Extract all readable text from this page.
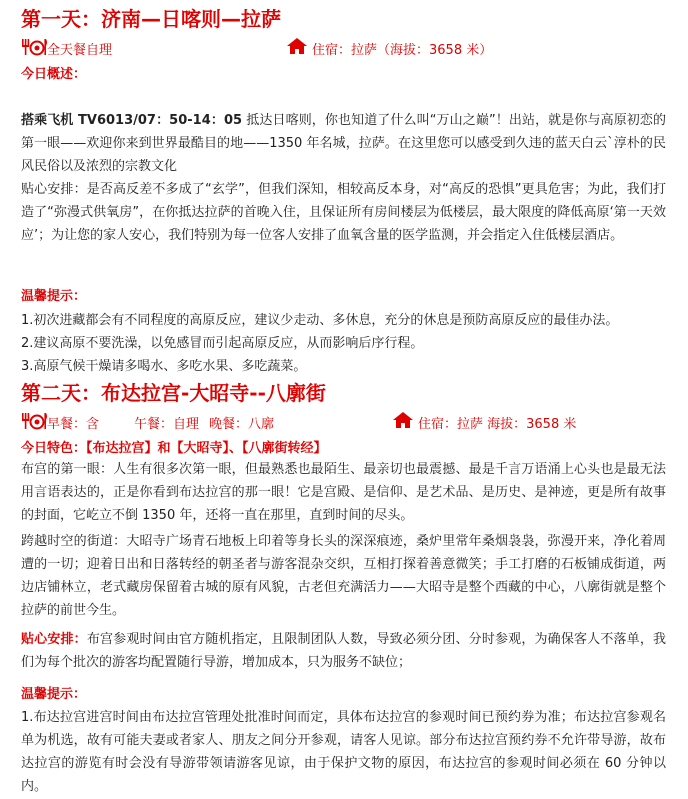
第一天：济南—日喀则—拉萨
全天餐自理	住宿：拉萨（海拔：3658 米）
今日概述：

搭乘飞机 TV6013/07：50-14：05 抵达日喀则，你也知道了什么叫“万山之巅”！出站，就是你与高原初恋的第一眼——欢迎你来到世界最酷目的地——1350 年名城，拉萨。在这里您可以感受到久违的蓝天白云`淳朴的民风民俗以及浓烈的宗教文化

贴心安排：是否高反差不多成了“玄学”，但我们深知，相较高反本身，对“高反的恐惧”更具危害；为此，我们打造了“弥漫式供氧房”，在你抵达拉萨的首晚入住，且保证所有房间楼层为低楼层，最大限度的降低高原‘第一天效应’；为让您的家人安心，我们特别为每一位客人安排了血氧含量的医学监测，并会指定入住低楼层酒店。

温馨提示：
1.初次进藏都会有不同程度的高原反应，建议少走动、多休息，充分的休息是预防高原反应的最佳办法。
2.建议高原不要洗澡，以免感冒而引起高原反应，从而影响后序行程。
3.高原气候干燥请多喝水、多吃水果、多吃蔬菜。
第二天：布达拉宫-大昭寺--八廓街
早餐：含	午餐：自理 晚餐：八廓	住宿：拉萨 海拔：3658 米
今日特色：【布达拉宫】和【大昭寺】、【八廓街转经】

布宫的第一眼：人生有很多次第一眼，但最熟悉也最陌生、最亲切也最震撼、最是千言万语涌上心头也是最无法用言语表达的，正是你看到布达拉宫的那一眼！它是宫殿、是信仰、是艺术品、是历史、是神迹，更是所有故事的封面，它屹立不倒 1350 年，还将一直在那里，直到时间的尽头。

跨越时空的街道：大昭寺广场青石地板上印着等身长头的深深痕迹，桑炉里常年桑烟袅袅，弥漫开来，净化着周遭的一切；迎着日出和日落转经的朝圣者与游客混杂交织，互相打探着善意微笑；手工打磨的石板铺成街道，两边店铺林立，老式藏房保留着古城的原有风貌，古老但充满活力——大昭寺是整个西藏的中心，八廓街就是整个拉萨的前世今生。

贴心安排：布宫参观时间由官方随机指定，且限制团队人数，导致必须分团、分时参观，为确保客人不落单，我们为每个批次的游客均配置随行导游，增加成本，只为服务不缺位；

温馨提示：

1.布达拉宫进宫时间由布达拉宫管理处批准时间而定，具体布达拉宫的参观时间已预约券为准；布达拉宫参观名单为机选，故有可能夫妻或者家人、朋友之间分开参观，请客人见谅。部分布达拉宫预约券不允许带导游，故布达拉宫的游览有时会没有导游带领请游客见谅，由于保护文物的原因，布达拉宫的参观时间必须在 60 分钟以内。
